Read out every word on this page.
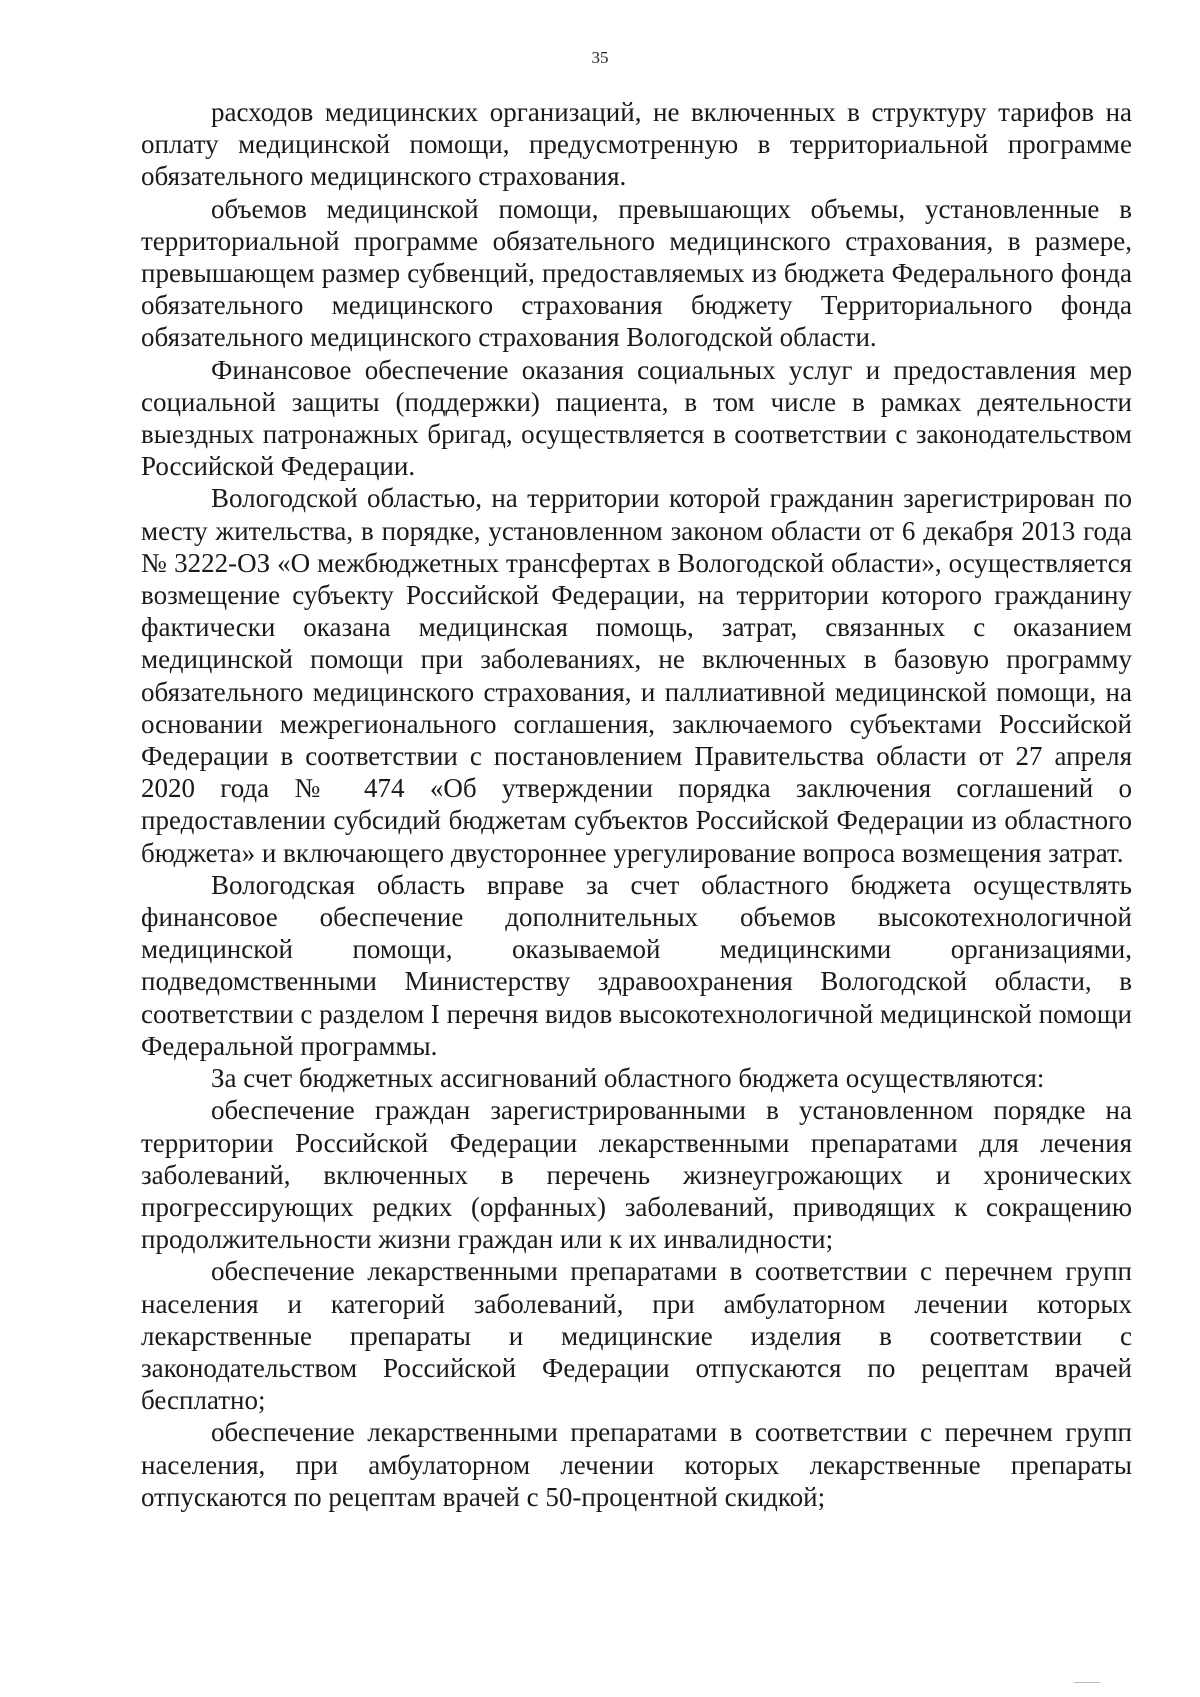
35

расходов медицинских организаций, не включенных в структуру тарифов на оплату медицинской помощи, предусмотренную в территориальной программе обязательного медицинского страхования.

объемов медицинской помощи, превышающих объемы, установленные в территориальной программе обязательного медицинского страхования, в размере, превышающем размер субвенций, предоставляемых из бюджета Федерального фонда обязательного медицинского страхования бюджету Территориального фонда обязательного медицинского страхования Вологодской области.

Финансовое обеспечение оказания социальных услуг и предоставления мер социальной защиты (поддержки) пациента, в том числе в рамках деятельности выездных патронажных бригад, осуществляется в соответствии с законодательством Российской Федерации.

Вологодской областью, на территории которой гражданин зарегистрирован по месту жительства, в порядке, установленном законом области от 6 декабря 2013 года № 3222-ОЗ «О межбюджетных трансфертах в Вологодской области», осуществляется возмещение субъекту Российской Федерации, на территории которого гражданину фактически оказана медицинская помощь, затрат, связанных с оказанием медицинской помощи при заболеваниях, не включенных в базовую программу обязательного медицинского страхования, и паллиативной медицинской помощи, на основании межрегионального соглашения, заключаемого субъектами Российской Федерации в соответствии с постановлением Правительства области от 27 апреля 2020 года № 474 «Об утверждении порядка заключения соглашений о предоставлении субсидий бюджетам субъектов Российской Федерации из областного бюджета» и включающего двустороннее урегулирование вопроса возмещения затрат.

Вологодская область вправе за счет областного бюджета осуществлять финансовое обеспечение дополнительных объемов высокотехнологичной медицинской помощи, оказываемой медицинскими организациями, подведомственными Министерству здравоохранения Вологодской области, в соответствии с разделом I перечня видов высокотехнологичной медицинской помощи Федеральной программы.

За счет бюджетных ассигнований областного бюджета осуществляются:

обеспечение граждан зарегистрированными в установленном порядке на территории Российской Федерации лекарственными препаратами для лечения заболеваний, включенных в перечень жизнеугрожающих и хронических прогрессирующих редких (орфанных) заболеваний, приводящих к сокращению продолжительности жизни граждан или к их инвалидности;

обеспечение лекарственными препаратами в соответствии с перечнем групп населения и категорий заболеваний, при амбулаторном лечении которых лекарственные препараты и медицинские изделия в соответствии с законодательством Российской Федерации отпускаются по рецептам врачей бесплатно;

обеспечение лекарственными препаратами в соответствии с перечнем групп населения, при амбулаторном лечении которых лекарственные препараты отпускаются по рецептам врачей с 50-процентной скидкой;
